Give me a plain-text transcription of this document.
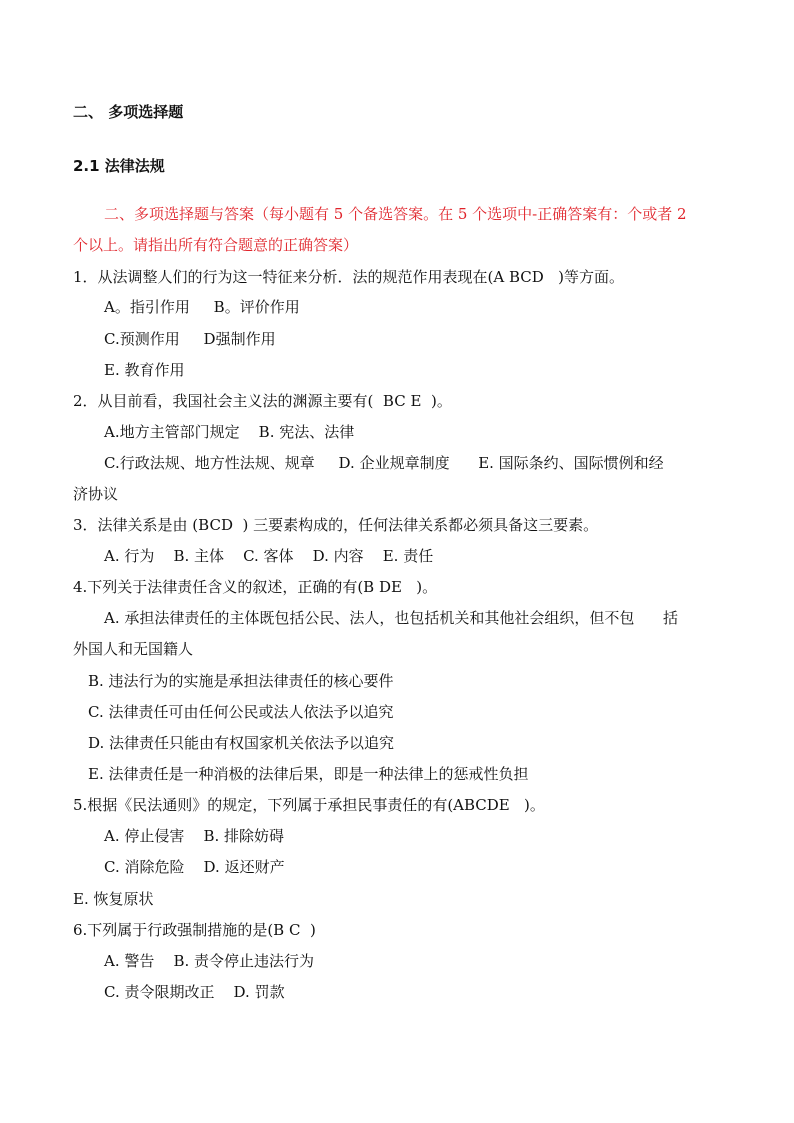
二、 多项选择题
2.1 法律法规
二、多项选择题与答案（每小题有 5 个备选答案。在 5 个选项中-正确答案有：个或者 2
个以上。请指出所有符合题意的正确答案）
1．从法调整人们的行为这一特征来分析．法的规范作用表现在(A BCD   )等方面。
A。指引作用     B。评价作用
C.预测作用     D强制作用
E. 教育作用
2．从目前看，我国社会主义法的渊源主要有(  BC E  )。
A.地方主管部门规定    B. 宪法、法律
C.行政法规、地方性法规、规章     D. 企业规章制度      E. 国际条约、国际惯例和经
济协议
3．法律关系是由 (BCD  ) 三要素构成的，任何法律关系都必须具备这三要素。
A. 行为    B. 主体    C. 客体    D. 内容    E. 责任
4.下列关于法律责任含义的叙述，正确的有(B DE   )。
A. 承担法律责任的主体既包括公民、法人，也包括机关和其他社会组织，但不包      括
外国人和无国籍人
B. 违法行为的实施是承担法律责任的核心要件
C. 法律责任可由任何公民或法人依法予以追究
D. 法律责任只能由有权国家机关依法予以追究
E. 法律责任是一种消极的法律后果，即是一种法律上的惩戒性负担
5.根据《民法通则》的规定，下列属于承担民事责任的有(ABCDE   )。
A. 停止侵害    B. 排除妨碍
C. 消除危险    D. 返还财产
E. 恢复原状
6.下列属于行政强制措施的是(B C  )
A. 警告    B. 责令停止违法行为
C. 责令限期改正    D. 罚款
